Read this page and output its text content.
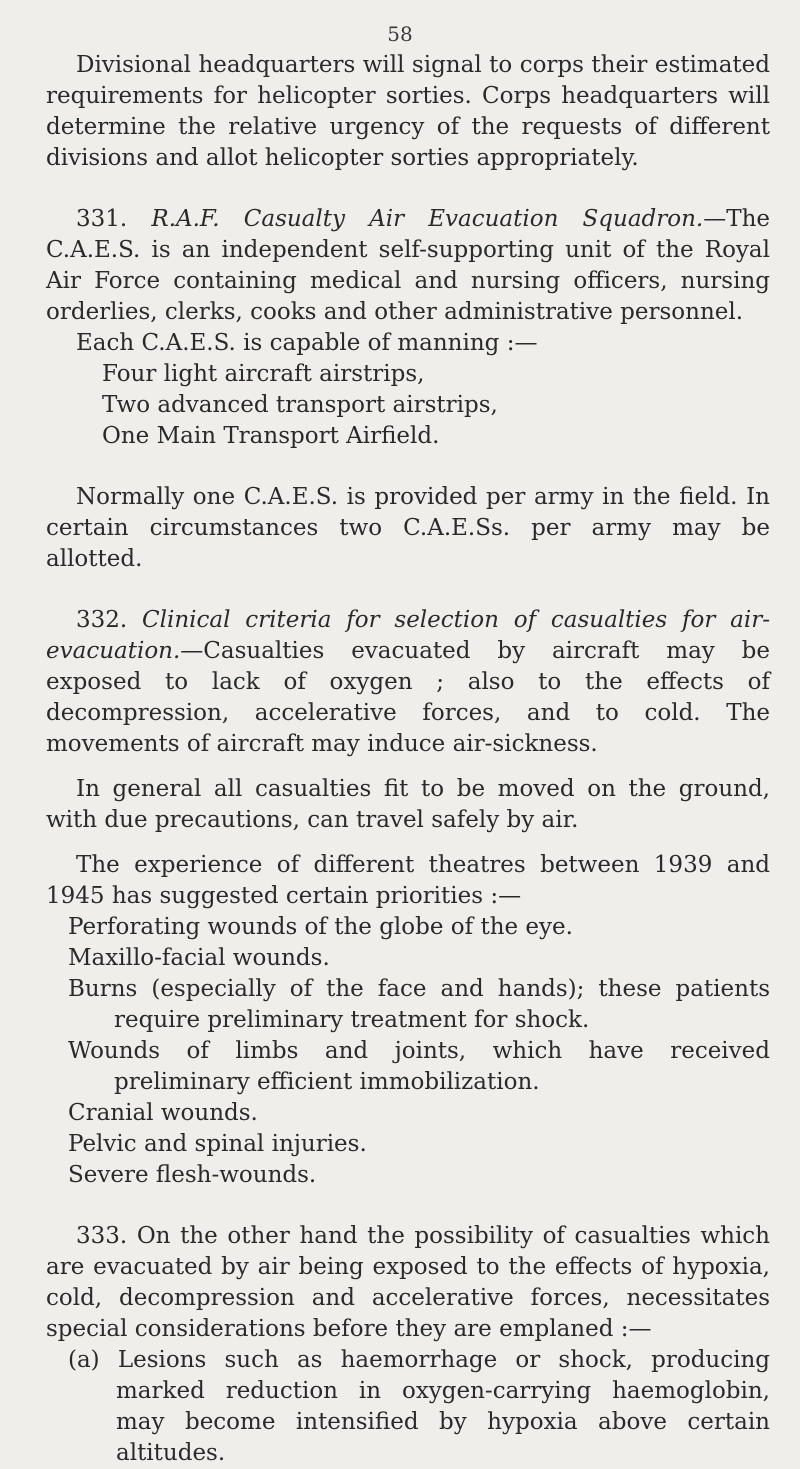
58

Divisional headquarters will signal to corps their estimated requirements for helicopter sorties. Corps headquarters will determine the relative urgency of the requests of different divisions and allot helicopter sorties appropriately.

331. R.A.F. Casualty Air Evacuation Squadron.—The C.A.E.S. is an independent self-supporting unit of the Royal Air Force containing medical and nursing officers, nursing orderlies, clerks, cooks and other administrative personnel.

Each C.A.E.S. is capable of manning :—

Four light aircraft airstrips,

Two advanced transport airstrips,

One Main Transport Airfield.

Normally one C.A.E.S. is provided per army in the field. In certain circumstances two C.A.E.Ss. per army may be allotted.

332. Clinical criteria for selection of casualties for air-evacuation.—Casualties evacuated by aircraft may be exposed to lack of oxygen ; also to the effects of decompression, accelerative forces, and to cold. The movements of aircraft may induce air-sickness.

In general all casualties fit to be moved on the ground, with due precautions, can travel safely by air.

The experience of different theatres between 1939 and 1945 has suggested certain priorities :—

Perforating wounds of the globe of the eye.

Maxillo-facial wounds.

Burns (especially of the face and hands); these patients require preliminary treatment for shock.

Wounds of limbs and joints, which have received preliminary efficient immobilization.

Cranial wounds.

Pelvic and spinal injuries.

Severe flesh-wounds.

333. On the other hand the possibility of casualties which are evacuated by air being exposed to the effects of hypoxia, cold, decompression and accelerative forces, necessitates special considerations before they are emplaned :—

(a) Lesions such as haemorrhage or shock, producing marked reduction in oxygen-carrying haemoglobin, may become intensified by hypoxia above certain altitudes.
